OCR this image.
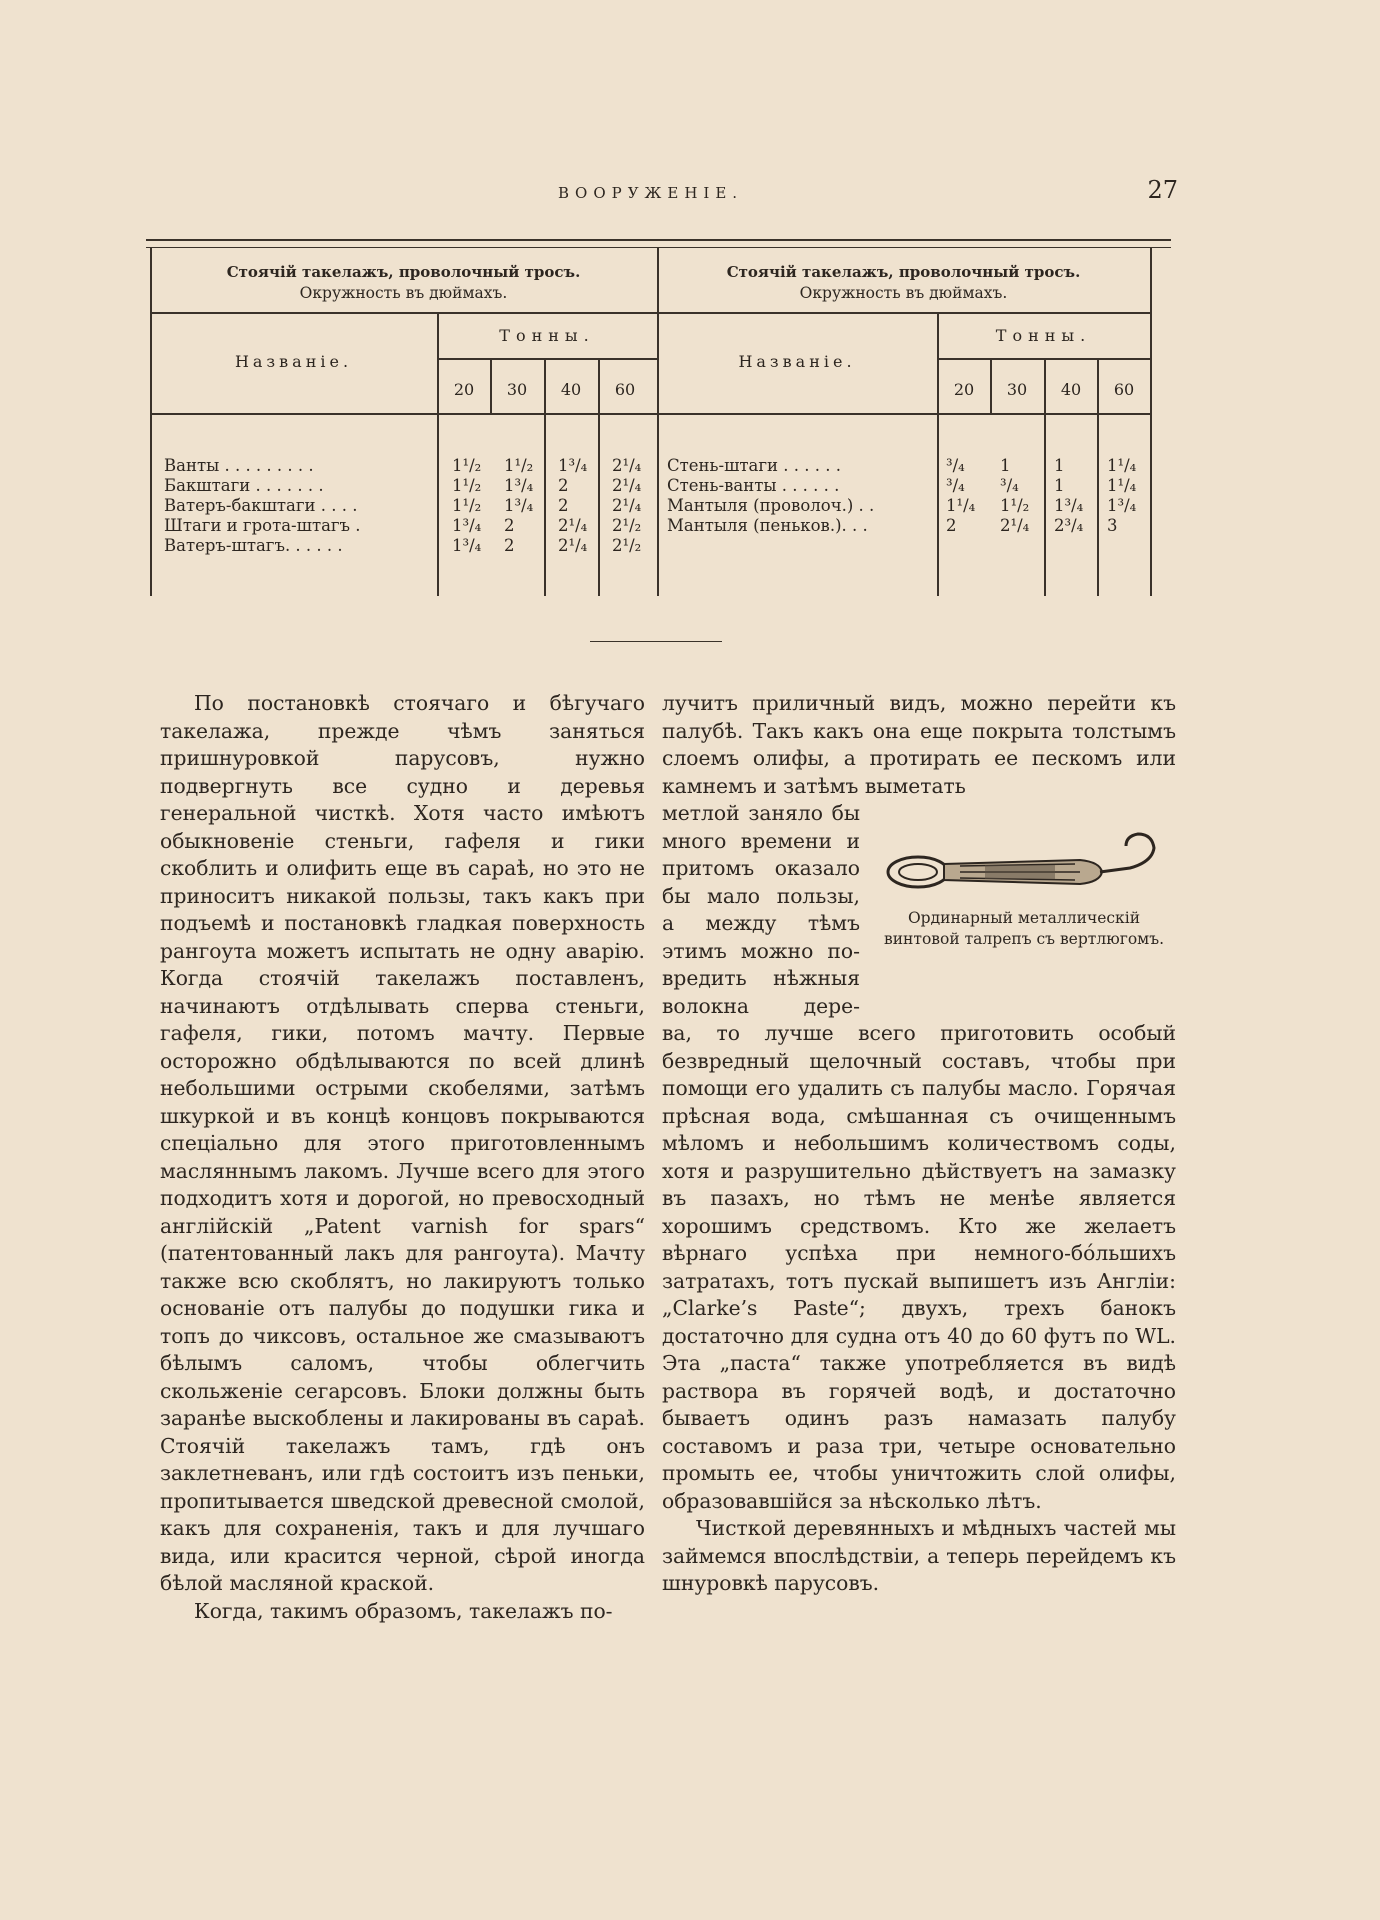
ВООРУЖЕНІЕ.	27
Стоячій такелажъ, проволочный тросъ.
Окружность въ дюймахъ.
Названіе.
Тонны.
20	30	40	60
Стоячій такелажъ, проволочный тросъ.
Окружность въ дюймахъ.
Названіе.
Тонны.
20	30	40	60
Ванты . . . . . . . . .	1¹/₂ 1¹/₂ 1³/₄ 2¹/₄
Бакштаги . . . . . . .	1¹/₂ 1³/₄ 2	2¹/₄
Ватеръ-бакштаги . . . .	1¹/₂ 1³/₄ 2	2¹/₄
Штаги и грота-штагъ .	1³/₄ 2	2¹/₄ 2¹/₂
Ватеръ-штагъ. . . . . .	1³/₄ 2	2¹/₄ 2¹/₂
Стень-штаги . . . . . .	³/₄ 1	1	1¹/₄
Стень-ванты . . . . . .	³/₄ ³/₄ 1	1¹/₄
Мантыля (проволоч.) . .	1¹/₄ 1¹/₂ 1³/₄ 1³/₄
Мантыля (пеньков.). . .	2	2¹/₄ 2³/₄ 3

По постановкѣ стоячаго и бѣгучаго такелажа, прежде чѣмъ заняться пришнуровкой парусовъ, нужно подвергнуть все судно и деревья генеральной чисткѣ. Хотя часто имѣютъ обыкновеніе стеньги, гафеля и гики скоблить и олифить еще въ сараѣ, но это не приноситъ никакой пользы, такъ какъ при подъемѣ и постановкѣ гладкая поверхность рангоута можетъ испытать не одну аварію. Когда стоячій такелажъ поставленъ, начинаютъ отдѣлывать сперва стеньги, гафеля, гики, потомъ мачту. Первые осторожно обдѣлываются по всей длинѣ небольшими острыми скобелями, затѣмъ шкуркой и въ концѣ концовъ покрываются спеціально для этого приготовленнымъ масляннымъ лакомъ. Лучше всего для этого подходитъ хотя и дорогой, но превосходный англійскій „Patent varnish for spars“ (патентованный лакъ для рангоута). Мачту также всю скоблятъ, но лакируютъ только основаніе отъ палубы до подушки гика и топъ до чиксовъ, остальное же смазываютъ бѣлымъ саломъ, чтобы облегчить скольженіе сегарсовъ. Блоки должны быть заранѣе выскоблены и лакированы въ сараѣ. Стоячій такелажъ тамъ, гдѣ онъ заклетневанъ, или гдѣ состоитъ изъ пеньки, пропитывается шведской древесной смолой, какъ для сохраненія, такъ и для лучшаго вида, или красится черной, сѣрой иногда бѣлой масляной краской.

Когда, такимъ образомъ, такелажъ по-

лучитъ приличный видъ, можно перейти къ палубѣ. Такъ какъ она еще покрыта толстымъ слоемъ олифы, а протирать ее пескомъ или камнемъ и затѣмъ выметать

метлой заняло бы
много времени и
притомъ оказало
бы мало пользы,
а между тѣмъ
этимъ можно по-
вредить нѣжныя
волокна дере-
Ординарный металлическій
винтовой талрепъ съ вертлюгомъ.

ва, то лучше всего приготовить особый безвредный щелочный составъ, чтобы при помощи его удалить съ палубы масло. Горячая прѣсная вода, смѣшанная съ очищеннымъ мѣломъ и небольшимъ количествомъ соды, хотя и разрушительно дѣйствуетъ на замазку въ пазахъ, но тѣмъ не менѣе является хорошимъ средствомъ. Кто же желаетъ вѣрнаго успѣха при немного-бóльшихъ затратахъ, тотъ пускай выпишетъ изъ Англіи: „Clarke’s Paste“; двухъ, трехъ банокъ достаточно для судна отъ 40 до 60 футъ по WL. Эта „паста“ также употребляется въ видѣ раствора въ горячей водѣ, и достаточно бываетъ одинъ разъ намазать палубу составомъ и раза три, четыре основательно промыть ее, чтобы уничтожить слой олифы, образовавшійся за нѣсколько лѣтъ.

Чисткой деревянныхъ и мѣдныхъ частей мы займемся впослѣдствіи, а теперь перейдемъ къ шнуровкѣ парусовъ.
